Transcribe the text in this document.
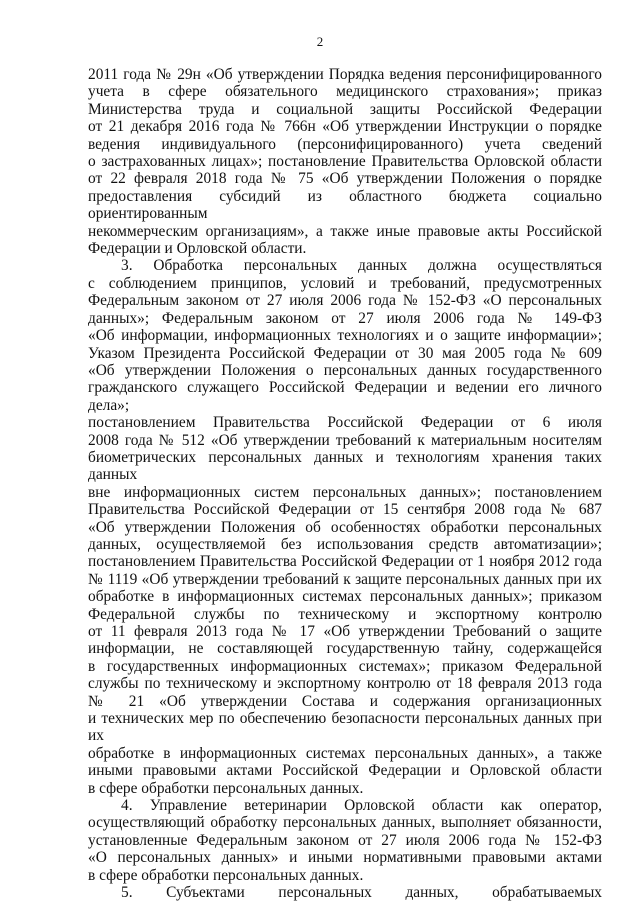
2
2011 года № 29н «Об утверждении Порядка ведения персонифицированного
учета в сфере обязательного медицинского страхования»; приказ
Министерства труда и социальной защиты Российской Федерации
от 21 декабря 2016 года № 766н «Об утверждении Инструкции о порядке
ведения индивидуального (персонифицированного) учета сведений
о застрахованных лицах»; постановление Правительства Орловской области
от 22 февраля 2018 года № 75 «Об утверждении Положения о порядке
предоставления субсидий из областного бюджета социально ориентированным
некоммерческим организациям», а также иные правовые акты Российской
Федерации и Орловской области.
3. Обработка персональных данных должна осуществляться
с соблюдением принципов, условий и требований, предусмотренных
Федеральным законом от 27 июля 2006 года № 152-ФЗ «О персональных
данных»; Федеральным законом от 27 июля 2006 года № 149-ФЗ
«Об информации, информационных технологиях и о защите информации»;
Указом Президента Российской Федерации от 30 мая 2005 года № 609
«Об утверждении Положения о персональных данных государственного
гражданского служащего Российской Федерации и ведении его личного дела»;
постановлением Правительства Российской Федерации от 6 июля
2008 года № 512 «Об утверждении требований к материальным носителям
биометрических персональных данных и технологиям хранения таких данных
вне информационных систем персональных данных»; постановлением
Правительства Российской Федерации от 15 сентября 2008 года № 687
«Об утверждении Положения об особенностях обработки персональных
данных, осуществляемой без использования средств автоматизации»;
постановлением Правительства Российской Федерации от 1 ноября 2012 года
№ 1119 «Об утверждении требований к защите персональных данных при их
обработке в информационных системах персональных данных»; приказом
Федеральной службы по техническому и экспортному контролю
от 11 февраля 2013 года № 17 «Об утверждении Требований о защите
информации, не составляющей государственную тайну, содержащейся
в государственных информационных системах»; приказом Федеральной
службы по техническому и экспортному контролю от 18 февраля 2013 года
№ 21 «Об утверждении Состава и содержания организационных
и технических мер по обеспечению безопасности персональных данных при их
обработке в информационных системах персональных данных», а также
иными правовыми актами Российской Федерации и Орловской области
в сфере обработки персональных данных.
4. Управление ветеринарии Орловской области как оператор,
осуществляющий обработку персональных данных, выполняет обязанности,
установленные Федеральным законом от 27 июля 2006 года № 152-ФЗ
«О персональных данных» и иными нормативными правовыми актами
в сфере обработки персональных данных.
5. Субъектами персональных данных, обрабатываемых
